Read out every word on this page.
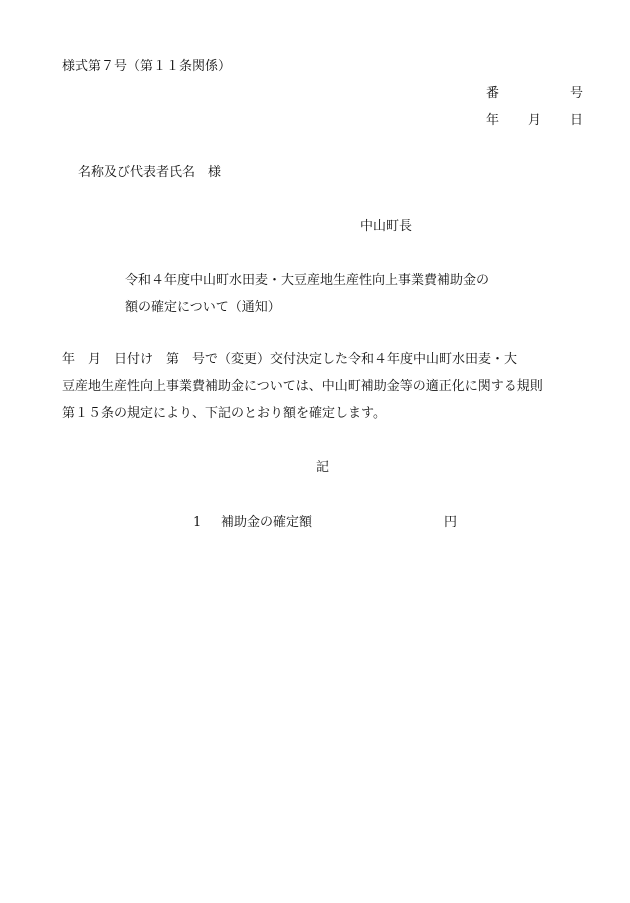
様式第７号（第１１条関係）
番	号
年 月 日
名称及び代表者氏名　様
中山町長
令和４年度中山町水田麦・大豆産地生産性向上事業費補助金の
額の確定について（通知）
年　月　日付け　第　号で（変更）交付決定した令和４年度中山町水田麦・大
豆産地生産性向上事業費補助金については、中山町補助金等の適正化に関する規則
第１５条の規定により、下記のとおり額を確定します。
記
1 補助金の確定額	円
